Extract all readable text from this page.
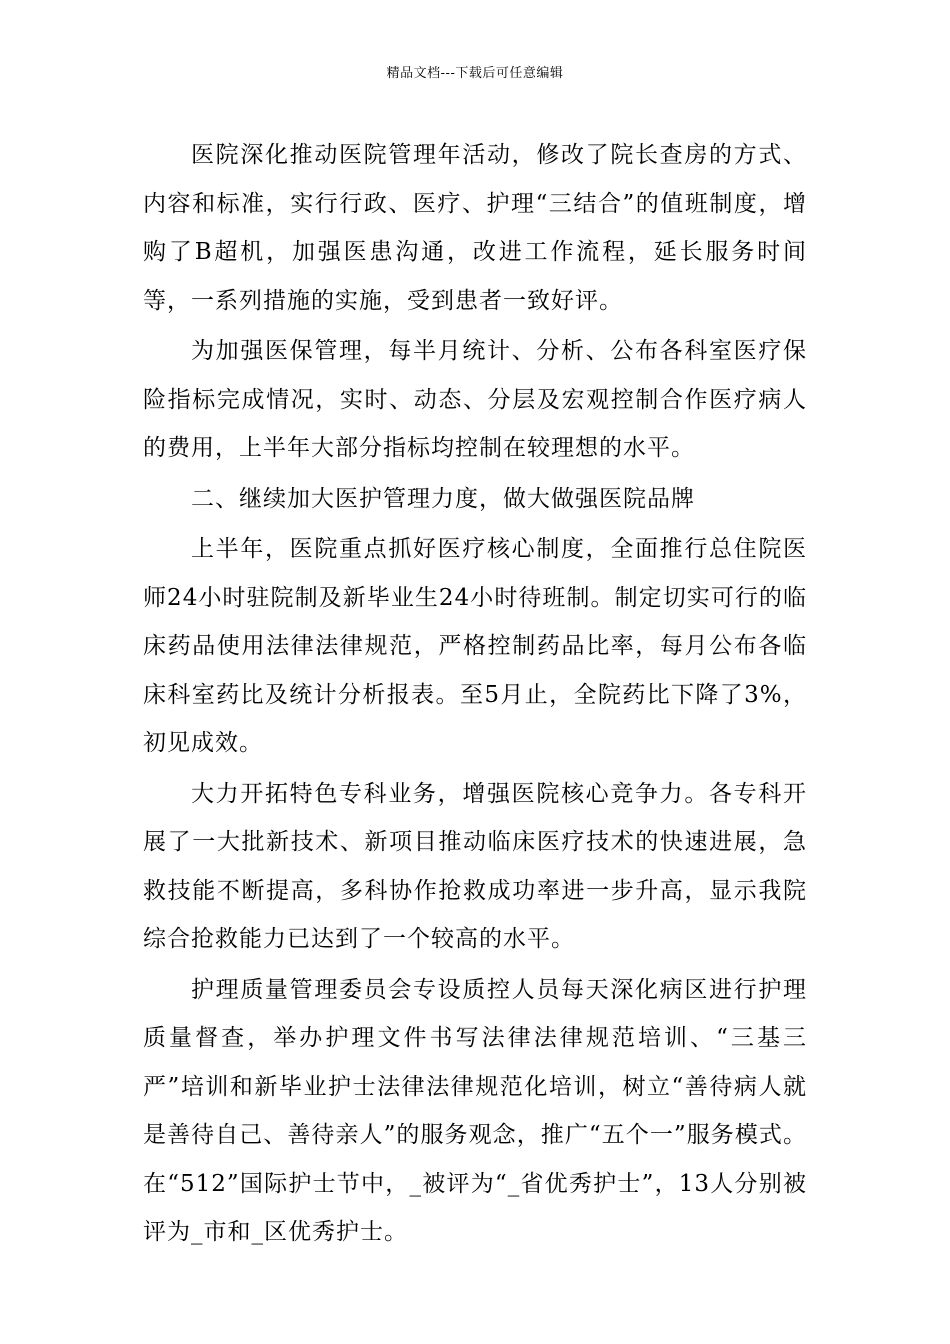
精品文档---下载后可任意编辑

医院深化推动医院管理年活动，修改了院长查房的方式、内容和标准，实行行政、医疗、护理“三结合”的值班制度，增购了B超机，加强医患沟通，改进工作流程，延长服务时间等，一系列措施的实施，受到患者一致好评。

为加强医保管理，每半月统计、分析、公布各科室医疗保险指标完成情况，实时、动态、分层及宏观控制合作医疗病人的费用，上半年大部分指标均控制在较理想的水平。

二、继续加大医护管理力度，做大做强医院品牌

上半年，医院重点抓好医疗核心制度，全面推行总住院医师24小时驻院制及新毕业生24小时待班制。制定切实可行的临床药品使用法律法律规范，严格控制药品比率，每月公布各临床科室药比及统计分析报表。至5月止，全院药比下降了3%，初见成效。

大力开拓特色专科业务，增强医院核心竞争力。各专科开展了一大批新技术、新项目推动临床医疗技术的快速进展，急救技能不断提高，多科协作抢救成功率进一步升高，显示我院综合抢救能力已达到了一个较高的水平。

护理质量管理委员会专设质控人员每天深化病区进行护理质量督查，举办护理文件书写法律法律规范培训、“三基三严”培训和新毕业护士法律法律规范化培训，树立“善待病人就是善待自己、善待亲人”的服务观念，推广“五个一”服务模式。在“512”国际护士节中，_被评为“_省优秀护士”，13人分别被评为_市和_区优秀护士。
